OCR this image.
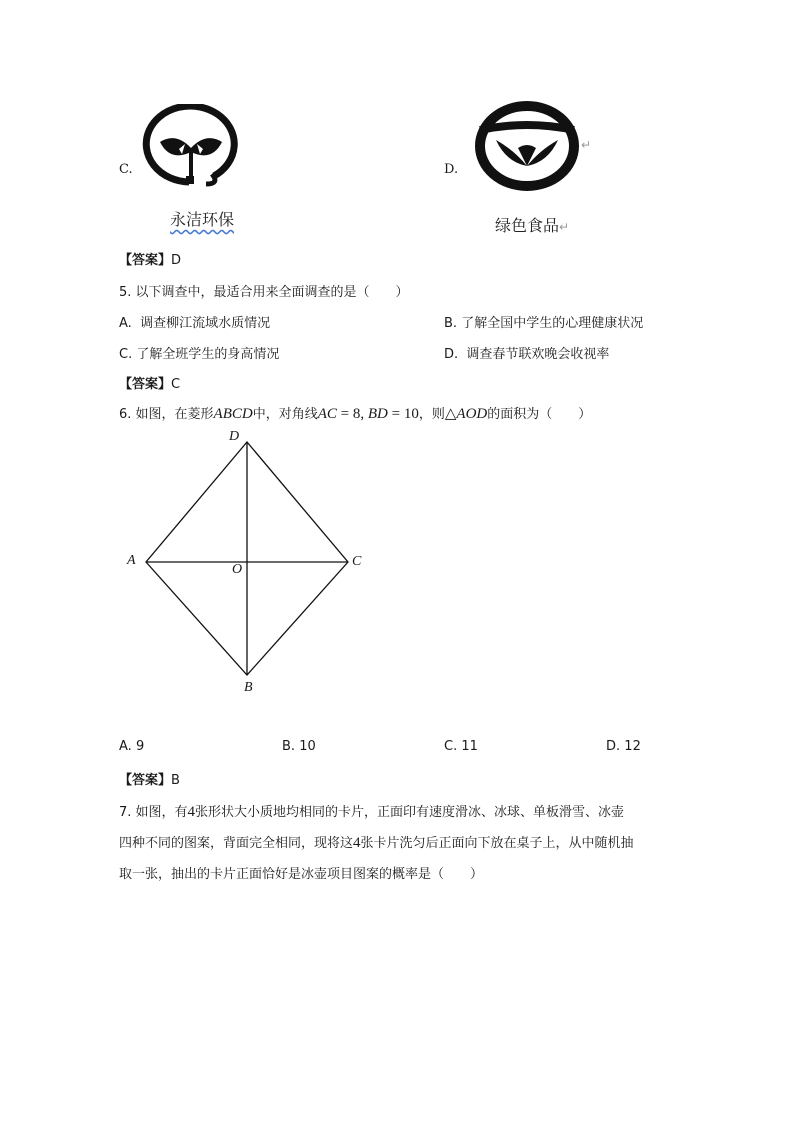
C.
永洁环保
D.
↵
绿色食品↵
【答案】D
5. 以下调查中，最适合用来全面调查的是（　　）
A. 调查柳江流域水质情况	B. 了解全国中学生的心理健康状况
C. 了解全班学生的身高情况	D. 调查春节联欢晚会收视率
【答案】C
6. 如图，在菱形ABCD中，对角线AC = 8, BD = 10，则△AOD的面积为（　　）
D
A
O
C
B
A. 9	B. 10	C. 11	D. 12
【答案】B
7. 如图，有4张形状大小质地均相同的卡片，正面印有速度滑冰、冰球、单板滑雪、冰壶
四种不同的图案，背面完全相同，现将这4张卡片洗匀后正面向下放在桌子上，从中随机抽
取一张，抽出的卡片正面恰好是冰壶项目图案的概率是（　　）
